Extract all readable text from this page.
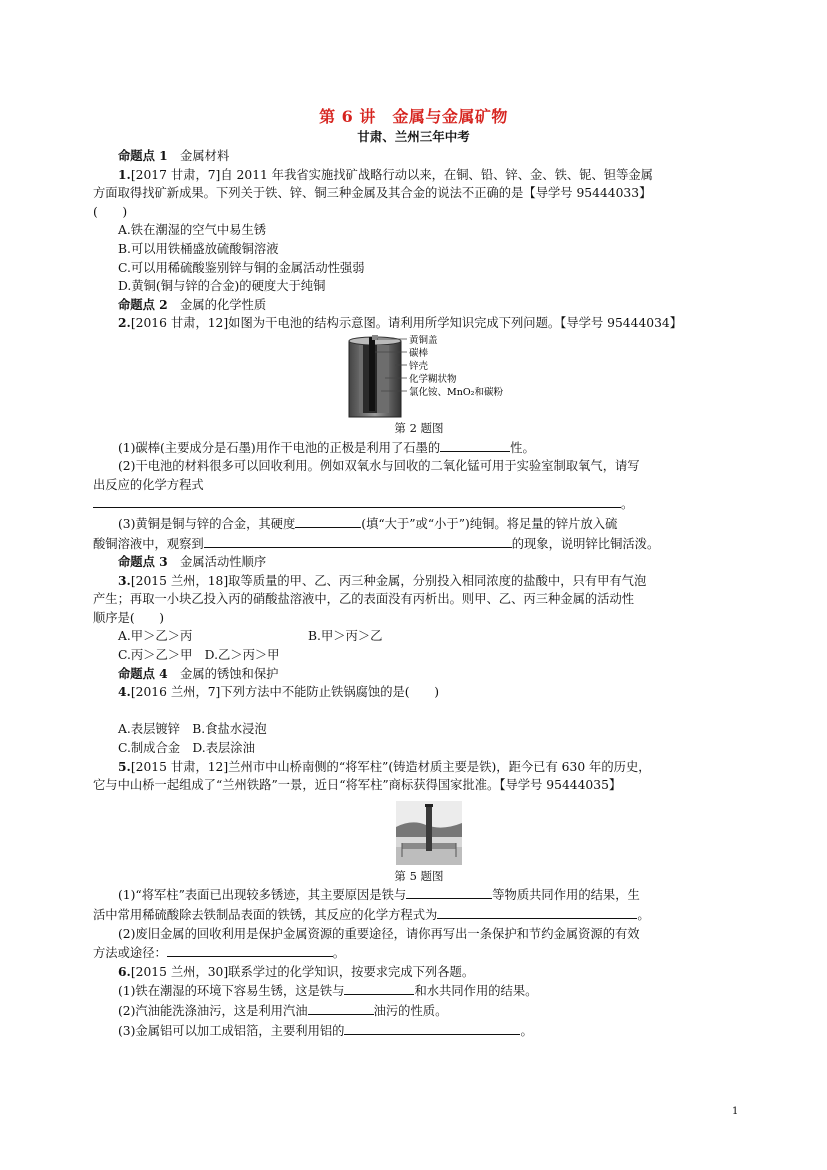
第 6 讲　金属与金属矿物
甘肃、兰州三年中考

命题点 1　 金属材料

1.[2017 甘肃，7]自 2011 年我省实施找矿战略行动以来，在铜、铅、锌、金、铁、铌、钽等金属

方面取得找矿新成果。下列关于铁、锌、铜三种金属及其合金的说法不正确的是【导学号 95444033】

(　　)

A.铁在潮湿的空气中易生锈

B.可以用铁桶盛放硫酸铜溶液

C.可以用稀硫酸鉴别锌与铜的金属活动性强弱

D.黄铜(铜与锌的合金)的硬度大于纯铜

命题点 2　 金属的化学性质

2.[2016 甘肃，12]如图为干电池的结构示意图。请利用所学知识完成下列问题。【导学号 95444034】

黄铜盖
碳棒
锌壳
化学糊状物
氯化铵、MnO₂和碳粉

第 2 题图

(1)碳棒(主要成分是石墨)用作干电池的正极是利用了石墨的	性。

(2)干电池的材料很多可以回收利用。例如双氧水与回收的二氧化锰可用于实验室制取氧气，请写

出反应的化学方程式

。

(3)黄铜是铜与锌的合金，其硬度	(填“大于”或“小于”)纯铜。将足量的锌片放入硫

酸铜溶液中，观察到	的现象，说明锌比铜活泼。

命题点 3　 金属活动性顺序

3.[2015 兰州，18]取等质量的甲、乙、丙三种金属，分别投入相同浓度的盐酸中，只有甲有气泡

产生；再取一小块乙投入丙的硝酸盐溶液中，乙的表面没有丙析出。则甲、乙、丙三种金属的活动性

顺序是(　　)

A.甲＞乙＞丙	B.甲＞丙＞乙

C.丙＞乙＞甲　D.乙＞丙＞甲

命题点 4　 金属的锈蚀和保护

4.[2016 兰州，7]下列方法中不能防止铁锅腐蚀的是(　　)

A.表层镀锌　B.食盐水浸泡

C.制成合金　D.表层涂油

5.[2015 甘肃，12]兰州市中山桥南侧的“将军柱”(铸造材质主要是铁)，距今已有 630 年的历史，

它与中山桥一起组成了“兰州铁路”一景，近日“将军柱”商标获得国家批准。【导学号 95444035】

第 5 题图

(1)“将军柱”表面已出现较多锈迹，其主要原因是铁与	等物质共同作用的结果，生

活中常用稀硫酸除去铁制品表面的铁锈，其反应的化学方程式为	。

(2)废旧金属的回收利用是保护金属资源的重要途径，请你再写出一条保护和节约金属资源的有效

方法或途径：	。

6.[2015 兰州，30]联系学过的化学知识，按要求完成下列各题。

(1)铁在潮湿的环境下容易生锈，这是铁与	和水共同作用的结果。

(2)汽油能洗涤油污，这是利用汽油	油污的性质。

(3)金属铝可以加工成铝箔，主要利用铝的	。

1
